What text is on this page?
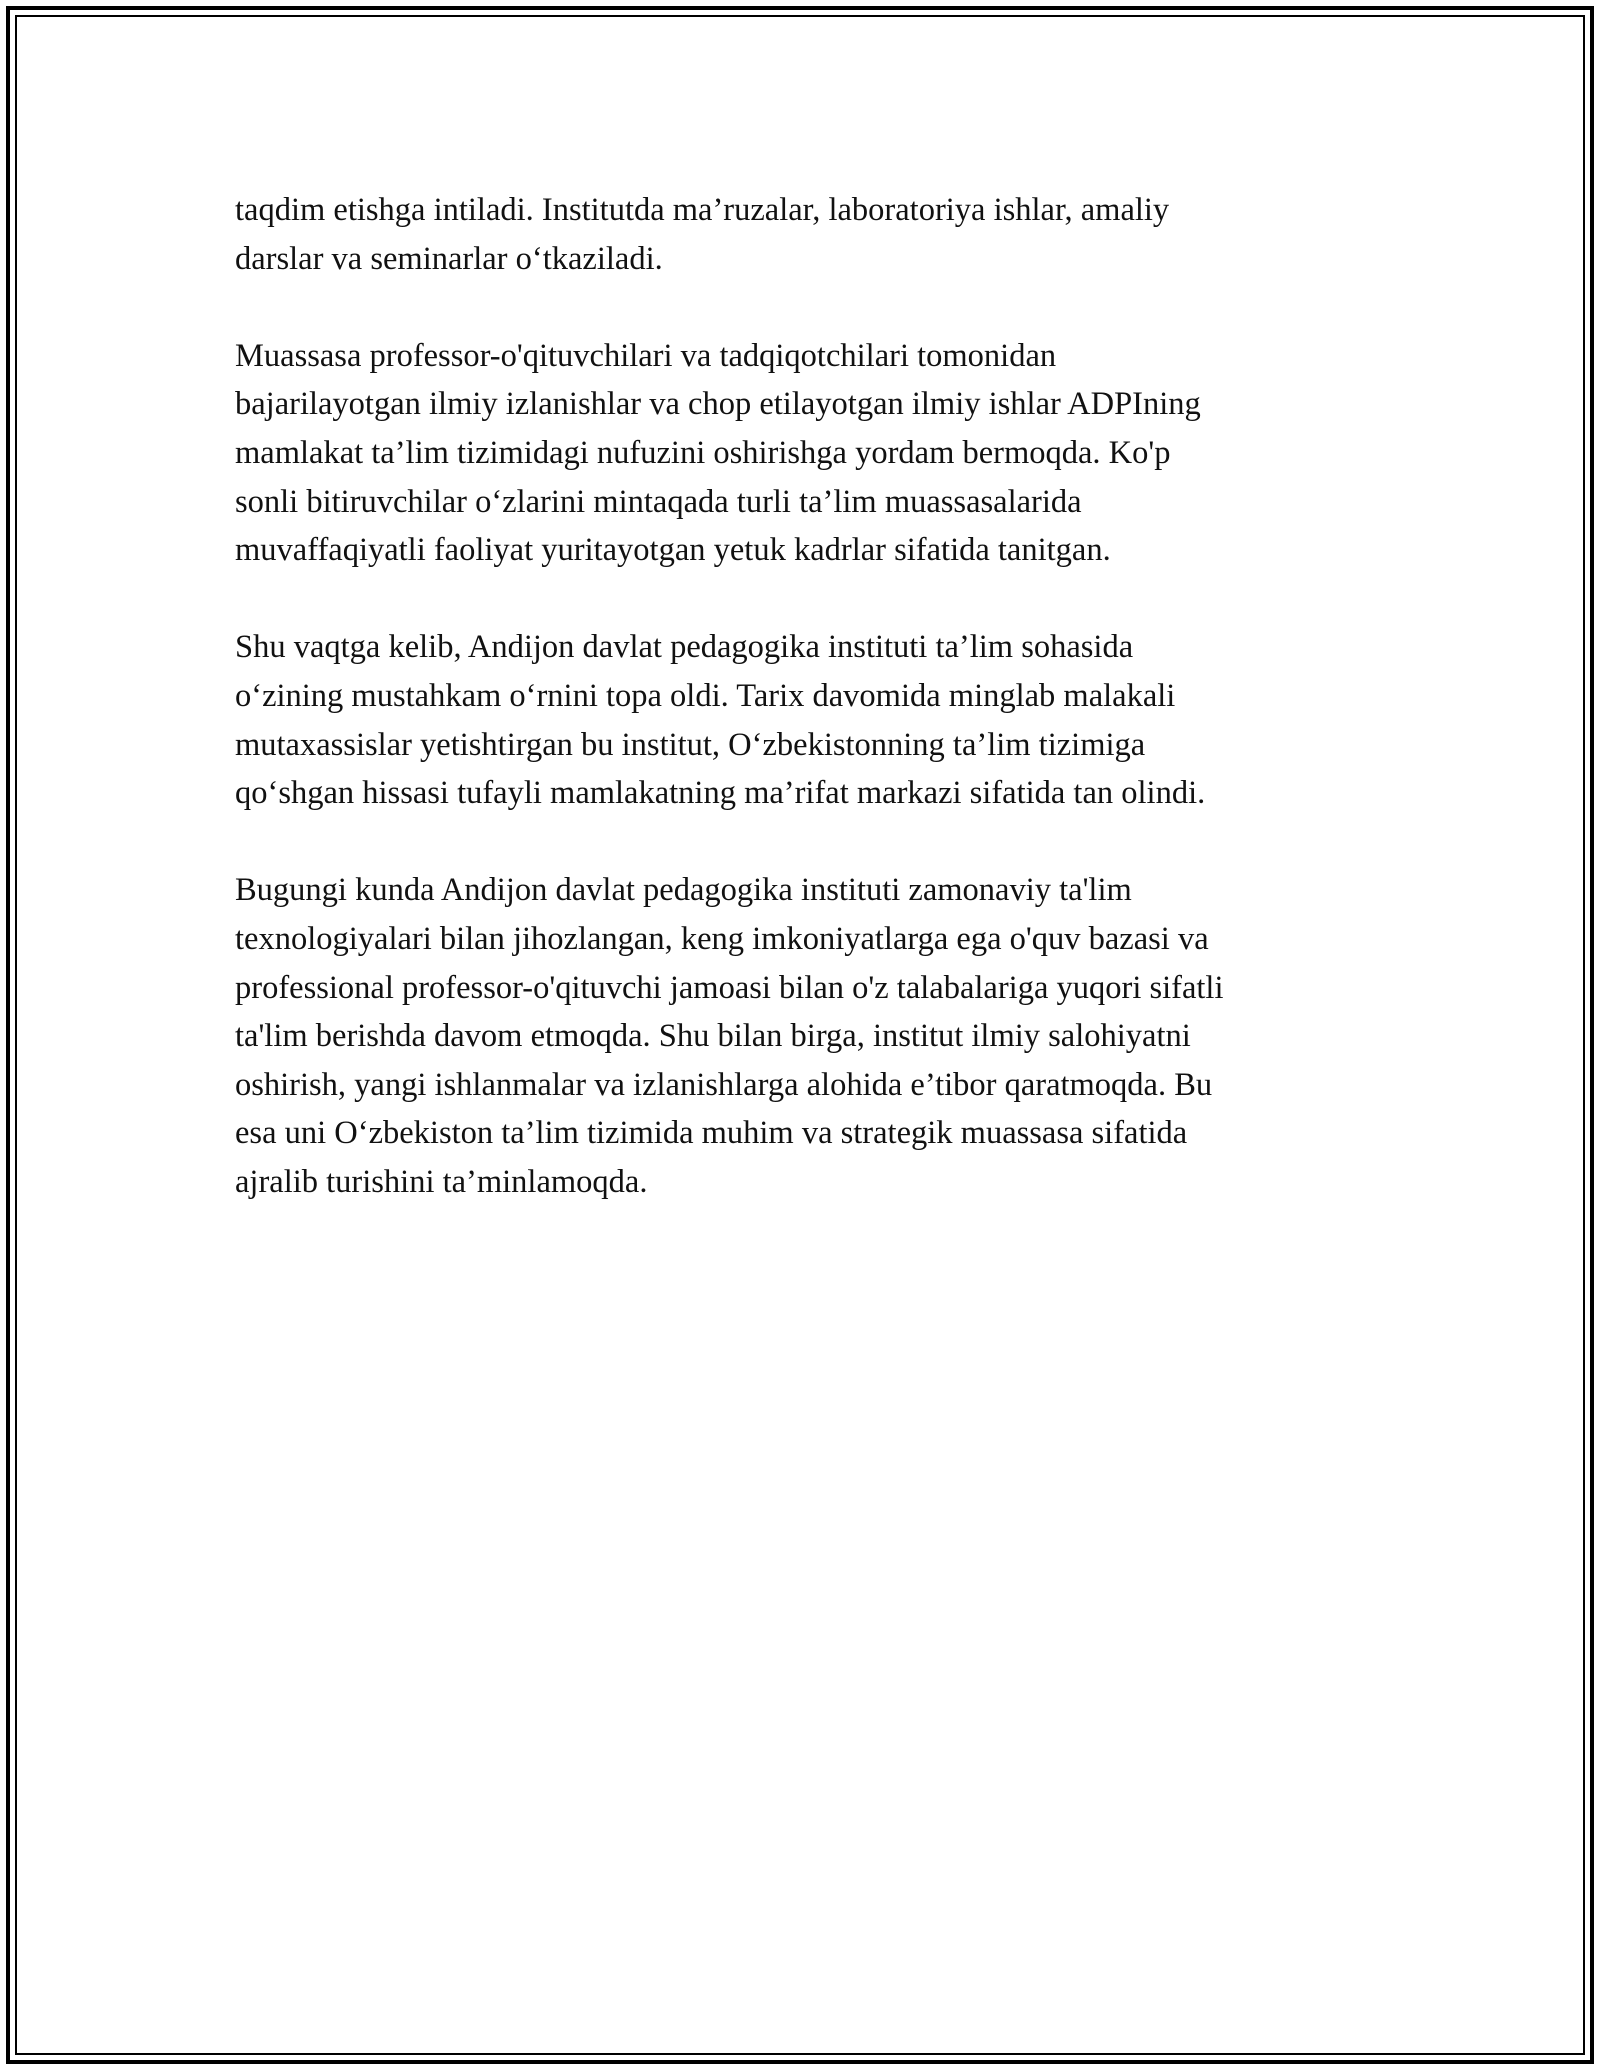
taqdim etishga intiladi. Institutda ma’ruzalar, laboratoriya ishlar, amaliy
darslar va seminarlar o‘tkaziladi.

Muassasa professor-o'qituvchilari va tadqiqotchilari tomonidan
bajarilayotgan ilmiy izlanishlar va chop etilayotgan ilmiy ishlar ADPIning
mamlakat ta’lim tizimidagi nufuzini oshirishga yordam bermoqda. Ko'p
sonli bitiruvchilar o‘zlarini mintaqada turli ta’lim muassasalarida
muvaffaqiyatli faoliyat yuritayotgan yetuk kadrlar sifatida tanitgan.

Shu vaqtga kelib, Andijon davlat pedagogika instituti ta’lim sohasida
o‘zining mustahkam o‘rnini topa oldi. Tarix davomida minglab malakali
mutaxassislar yetishtirgan bu institut, O‘zbekistonning ta’lim tizimiga
qo‘shgan hissasi tufayli mamlakatning ma’rifat markazi sifatida tan olindi.

Bugungi kunda Andijon davlat pedagogika instituti zamonaviy ta'lim
texnologiyalari bilan jihozlangan, keng imkoniyatlarga ega o'quv bazasi va
professional professor-o'qituvchi jamoasi bilan o'z talabalariga yuqori sifatli
ta'lim berishda davom etmoqda. Shu bilan birga, institut ilmiy salohiyatni
oshirish, yangi ishlanmalar va izlanishlarga alohida e’tibor qaratmoqda. Bu
esa uni O‘zbekiston ta’lim tizimida muhim va strategik muassasa sifatida
ajralib turishini ta’minlamoqda.
